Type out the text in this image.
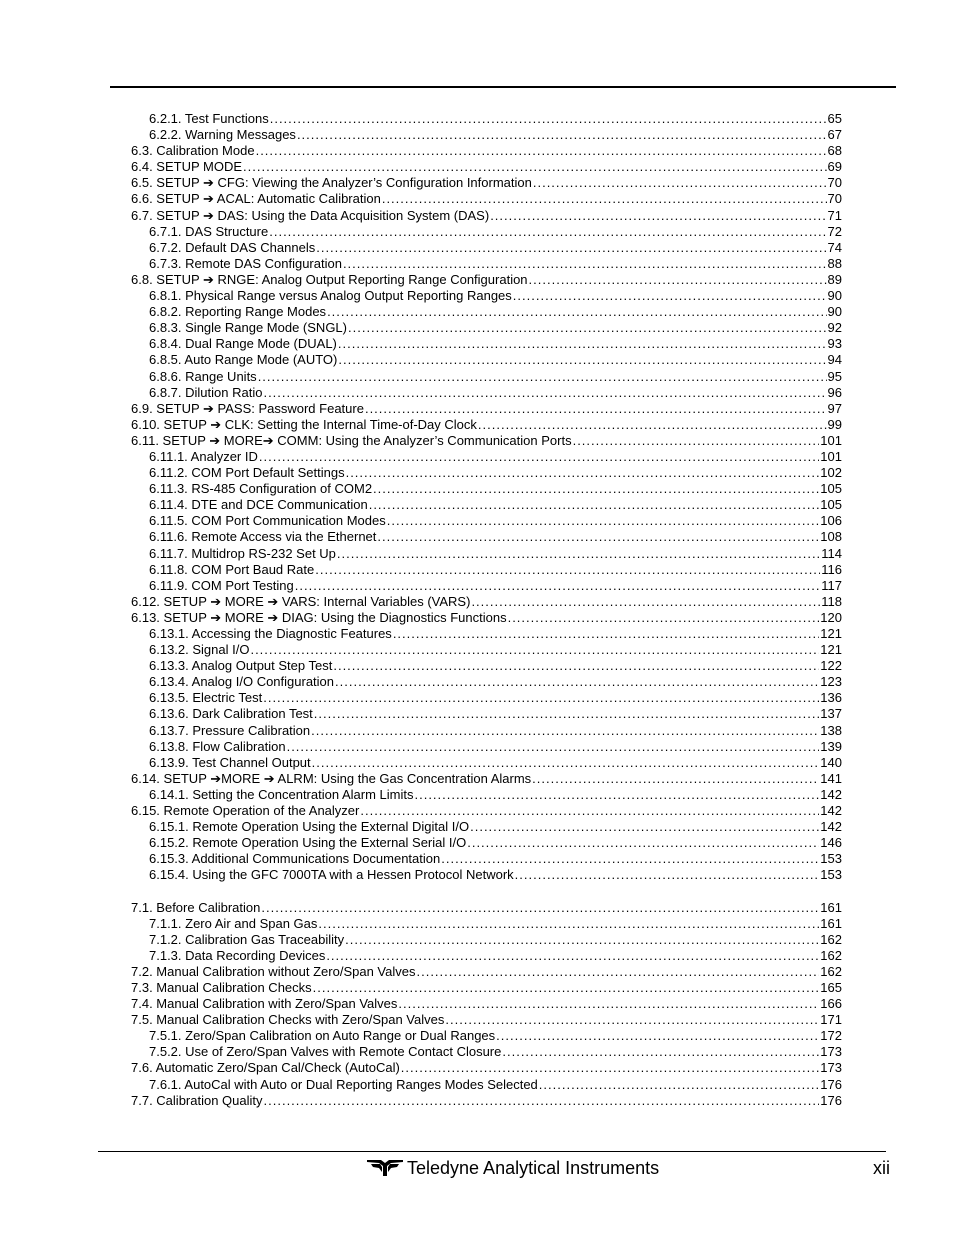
6.2.1. Test Functions .....	65
6.2.2. Warning Messages .....	67
6.3. Calibration Mode .....	68
6.4. SETUP MODE .....	69
6.5. SETUP ➔ CFG: Viewing the Analyzer’s Configuration Information .....	70
6.6. SETUP ➔ ACAL: Automatic Calibration .....	70
6.7. SETUP ➔ DAS: Using the Data Acquisition System (DAS) .....	71
6.7.1. DAS Structure .....	72
6.7.2. Default DAS Channels .....	74
6.7.3. Remote DAS Configuration .....	88
6.8. SETUP ➔ RNGE: Analog Output Reporting Range Configuration .....	89
6.8.1. Physical Range versus Analog Output Reporting Ranges .....	90
6.8.2. Reporting Range Modes .....	90
6.8.3. Single Range Mode (SNGL) .....	92
6.8.4. Dual Range Mode (DUAL) .....	93
6.8.5. Auto Range Mode (AUTO) .....	94
6.8.6. Range Units .....	95
6.8.7. Dilution Ratio .....	96
6.9. SETUP ➔ PASS: Password Feature .....	97
6.10. SETUP ➔ CLK: Setting the Internal Time-of-Day Clock .....	99
6.11. SETUP ➔ MORE➔ COMM: Using the Analyzer’s Communication Ports .....	101
6.11.1. Analyzer ID .....	101
6.11.2. COM Port Default Settings .....	102
6.11.3. RS-485 Configuration of COM2 .....	105
6.11.4. DTE and DCE Communication .....	105
6.11.5. COM Port Communication Modes .....	106
6.11.6. Remote Access via the Ethernet .....	108
6.11.7. Multidrop RS-232 Set Up .....	114
6.11.8. COM Port Baud Rate .....	116
6.11.9. COM Port Testing .....	117
6.12. SETUP ➔ MORE ➔ VARS: Internal Variables (VARS) .....	118
6.13. SETUP ➔ MORE ➔ DIAG: Using the Diagnostics Functions .....	120
6.13.1. Accessing the Diagnostic Features .....	121
6.13.2. Signal I/O .....	121
6.13.3. Analog Output Step Test .....	122
6.13.4. Analog I/O Configuration .....	123
6.13.5. Electric Test .....	136
6.13.6. Dark Calibration Test .....	137
6.13.7. Pressure Calibration .....	138
6.13.8. Flow Calibration .....	139
6.13.9. Test Channel Output .....	140
6.14. SETUP ➔MORE ➔ ALRM: Using the Gas Concentration Alarms .....	141
6.14.1. Setting the Concentration Alarm Limits .....	142
6.15. Remote Operation of the Analyzer .....	142
6.15.1. Remote Operation Using the External Digital I/O .....	142
6.15.2. Remote Operation Using the External Serial I/O .....	146
6.15.3. Additional Communications Documentation .....	153
6.15.4. Using the GFC 7000TA with a Hessen Protocol Network .....	153
7.1. Before Calibration .....	161
7.1.1. Zero Air and Span Gas .....	161
7.1.2. Calibration Gas Traceability .....	162
7.1.3. Data Recording Devices .....	162
7.2. Manual Calibration without Zero/Span Valves .....	162
7.3. Manual Calibration Checks .....	165
7.4. Manual Calibration with Zero/Span Valves .....	166
7.5. Manual Calibration Checks with Zero/Span Valves .....	171
7.5.1. Zero/Span Calibration on Auto Range or Dual Ranges .....	172
7.5.2. Use of Zero/Span Valves with Remote Contact Closure .....	173
7.6. Automatic Zero/Span Cal/Check (AutoCal) .....	173
7.6.1. AutoCal with Auto or Dual Reporting Ranges Modes Selected .....	176
7.7. Calibration Quality .....	176
Teledyne Analytical Instruments	xii
